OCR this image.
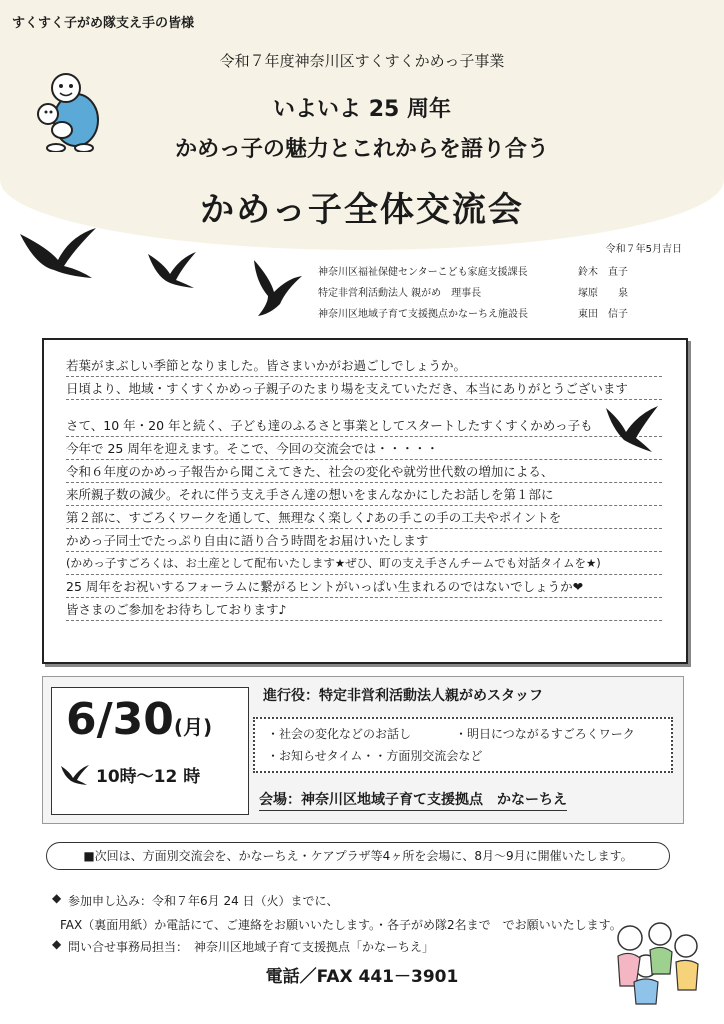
すくすく子がめ隊支え手の皆様
令和７年度神奈川区すくすくかめっ子事業
いよいよ 25 周年
かめっ子の魅力とこれからを語り合う
かめっ子全体交流会
令和７年5月吉日
神奈川区福祉保健センターこども家庭支援課長	鈴木　直子
特定非営利活動法人 親がめ　理事長	塚原　　泉
神奈川区地域子育て支援拠点かなーちえ施設長	東田　信子
若葉がまぶしい季節となりました。皆さまいかがお過ごしでしょうか。
日頃より、地域・すくすくかめっ子親子のたまり場を支えていただき、本当にありがとうございます
さて、10 年・20 年と続く、子ども達のふるさと事業としてスタートしたすくすくかめっ子も
今年で 25 周年を迎えます。そこで、今回の交流会では・・・・・
令和６年度のかめっ子報告から聞こえてきた、社会の変化や就労世代数の増加による、
来所親子数の減少。それに伴う支え手さん達の想いをまんなかにしたお話しを第１部に
第２部に、すごろくワークを通して、無理なく楽しく♪あの手この手の工夫やポイントを
かめっ子同士でたっぷり自由に語り合う時間をお届けいたします
(かめっ子すごろくは、お土産として配布いたします★ぜひ、町の支え手さんチームでも対話タイムを★)
25 周年をお祝いするフォーラムに繋がるヒントがいっぱい生まれるのではないでしょうか❤
皆さまのご参加をお待ちしております♪
6/30(月)
10時～12 時
進行役：特定非営利活動法人親がめスタッフ
・社会の変化などのお話し	・明日につながるすごろくワーク
・お知らせタイム・・方面別交流会など
会場：神奈川区地域子育て支援拠点　かなーちえ
■次回は、方面別交流会を、かなーちえ・ケアプラザ等4ヶ所を会場に、8月～9月に開催いたします。
◆ 参加申し込み：令和７年6月 24 日（火）までに、
FAX（裏面用紙）か電話にて、ご連絡をお願いいたします。・各子がめ隊2名まで　でお願いいたします。
◆ 問い合せ事務局担当：　神奈川区地域子育て支援拠点「かなーちえ」
電話／FAX 441－3901
